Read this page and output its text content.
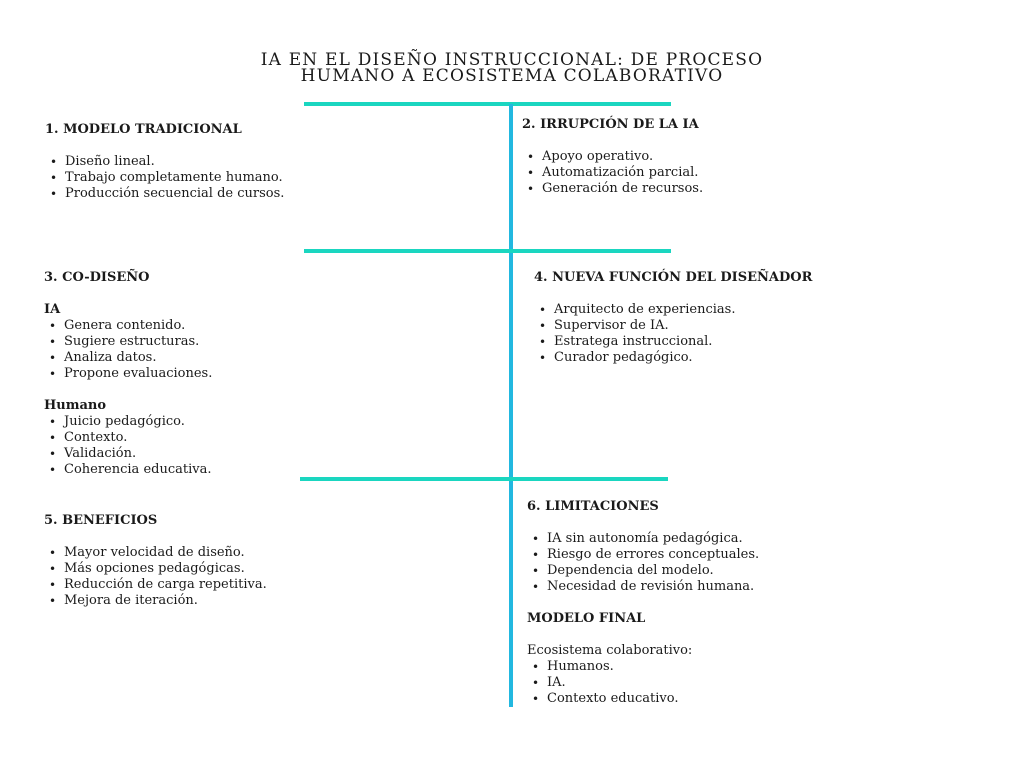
IA EN EL DISEÑO INSTRUCCIONAL: DE PROCESO
HUMANO A ECOSISTEMA COLABORATIVO
1. MODELO TRADICIONAL
• Diseño lineal.
• Trabajo completamente humano.
• Producción secuencial de cursos.
2. IRRUPCIÓN DE LA IA
• Apoyo operativo.
• Automatización parcial.
• Generación de recursos.
3. CO-DISEÑO
IA
• Genera contenido.
• Sugiere estructuras.
• Analiza datos.
• Propone evaluaciones.
Humano
• Juicio pedagógico.
• Contexto.
• Validación.
• Coherencia educativa.
4. NUEVA FUNCIÓN DEL DISEÑADOR
• Arquitecto de experiencias.
• Supervisor de IA.
• Estratega instruccional.
• Curador pedagógico.
5. BENEFICIOS
• Mayor velocidad de diseño.
• Más opciones pedagógicas.
• Reducción de carga repetitiva.
• Mejora de iteración.
6. LIMITACIONES
• IA sin autonomía pedagógica.
• Riesgo de errores conceptuales.
• Dependencia del modelo.
• Necesidad de revisión humana.
MODELO FINAL

Ecosistema colaborativo:

• Humanos.
• IA.
• Contexto educativo.
